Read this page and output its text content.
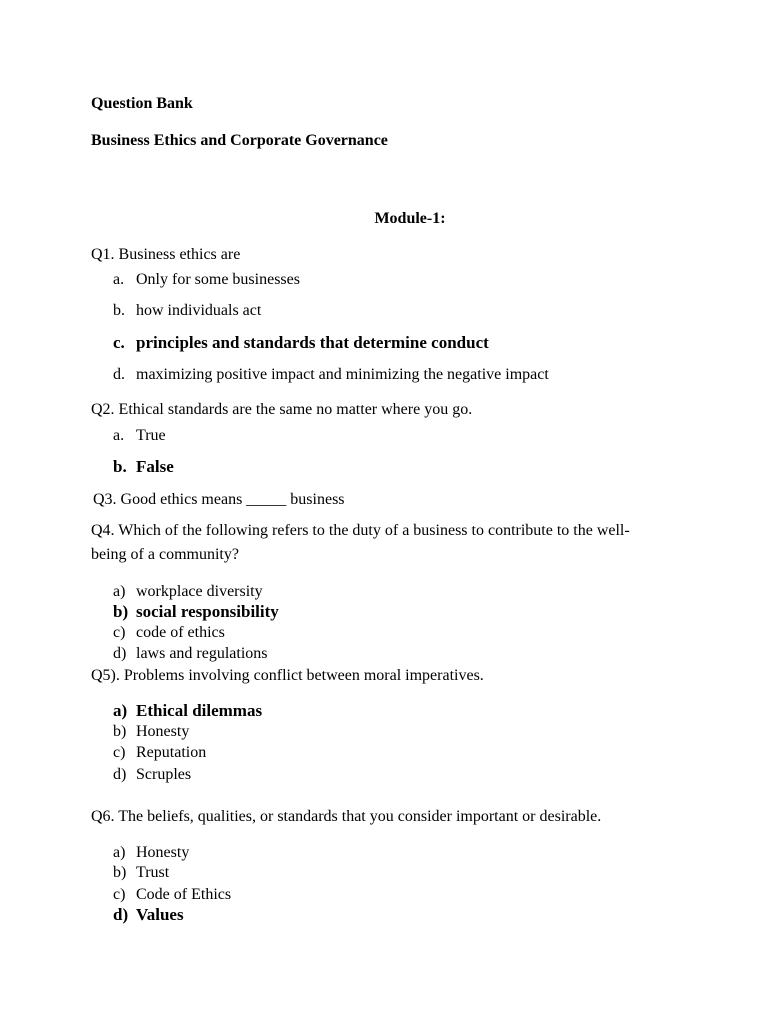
Question Bank
Business Ethics and Corporate Governance
Module-1:
Q1. Business ethics are
a. Only for some businesses
b. how individuals act
c. principles and standards that determine conduct
d. maximizing positive impact and minimizing the negative impact
Q2. Ethical standards are the same no matter where you go.
a. True
b. False
Q3. Good ethics means _____ business
Q4. Which of the following refers to the duty of a business to contribute to the well-
being of a community?
a) workplace diversity
b) social responsibility
c) code of ethics
d) laws and regulations
Q5). Problems involving conflict between moral imperatives.
a) Ethical dilemmas
b) Honesty
c) Reputation
d) Scruples
Q6. The beliefs, qualities, or standards that you consider important or desirable.
a) Honesty
b) Trust
c) Code of Ethics
d) Values
